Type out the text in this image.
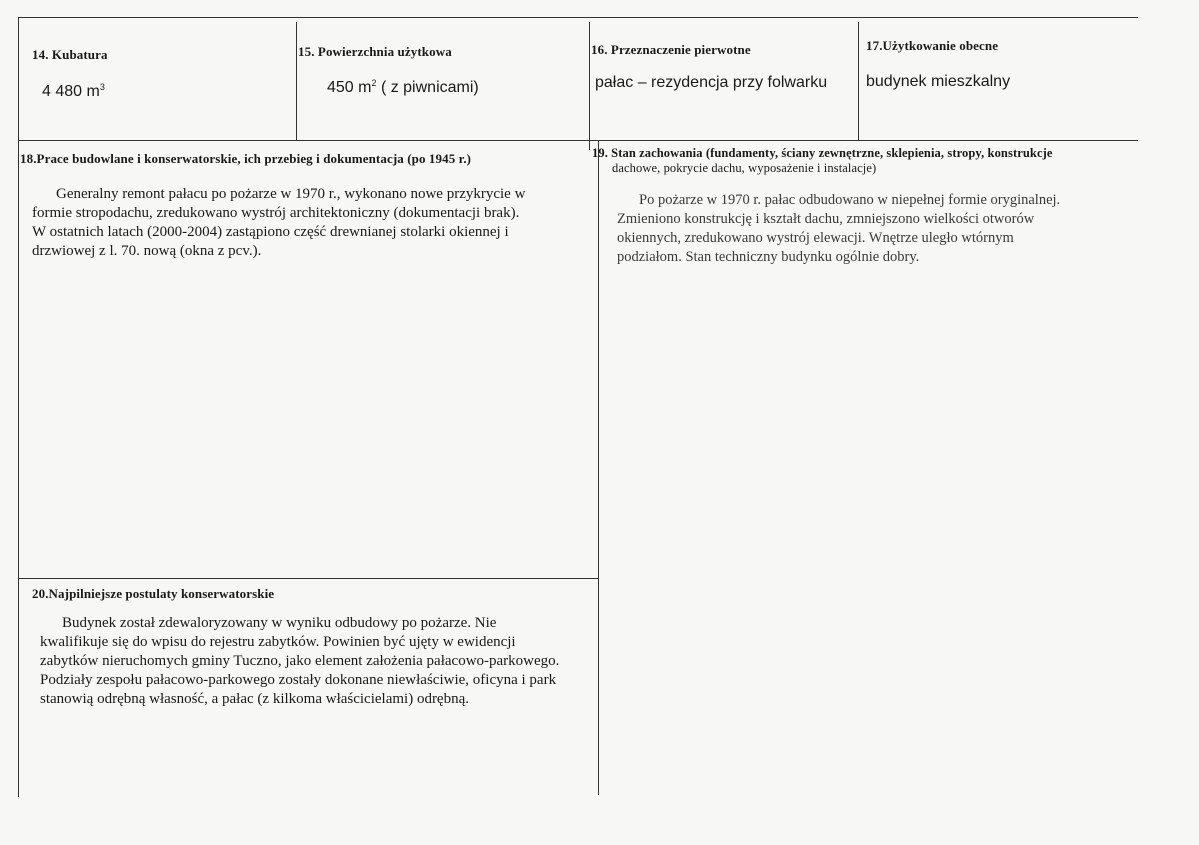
14. Kubatura
4 480 $m^3$
15. Powierzchnia użytkowa
450 $m^2$ ( z piwnicami)
16. Przeznaczenie pierwotne
pałac – rezydencja przy folwarku
17.Użytkowanie obecne
budynek mieszkalny
18.Prace budowlane i konserwatorskie, ich przebieg i dokumentacja (po 1945 r.)
Generalny remont pałacu po pożarze w 1970 r., wykonano nowe przykrycie w
formie stropodachu, zredukowano wystrój architektoniczny (dokumentacji brak).
W ostatnich latach (2000-2004) zastąpiono część drewnianej stolarki okiennej i
drzwiowej z l. 70. nową (okna z pcv.).
19. Stan zachowania (fundamenty, ściany zewnętrzne, sklepienia, stropy, konstrukcje
dachowe, pokrycie dachu, wyposażenie i instalacje)
Po pożarze w 1970 r. pałac odbudowano w niepełnej formie oryginalnej.
Zmieniono konstrukcję i kształt dachu, zmniejszono wielkości otworów
okiennych, zredukowano wystrój elewacji. Wnętrze uległo wtórnym
podziałom. Stan techniczny budynku ogólnie dobry.
20.Najpilniejsze postulaty konserwatorskie
Budynek został zdewaloryzowany w wyniku odbudowy po pożarze. Nie
kwalifikuje się do wpisu do rejestru zabytków. Powinien być ujęty w ewidencji
zabytków nieruchomych gminy Tuczno, jako element założenia pałacowo-parkowego.
Podziały zespołu pałacowo-parkowego zostały dokonane niewłaściwie, oficyna i park
stanowią odrębną własność, a pałac (z kilkoma właścicielami) odrębną.
